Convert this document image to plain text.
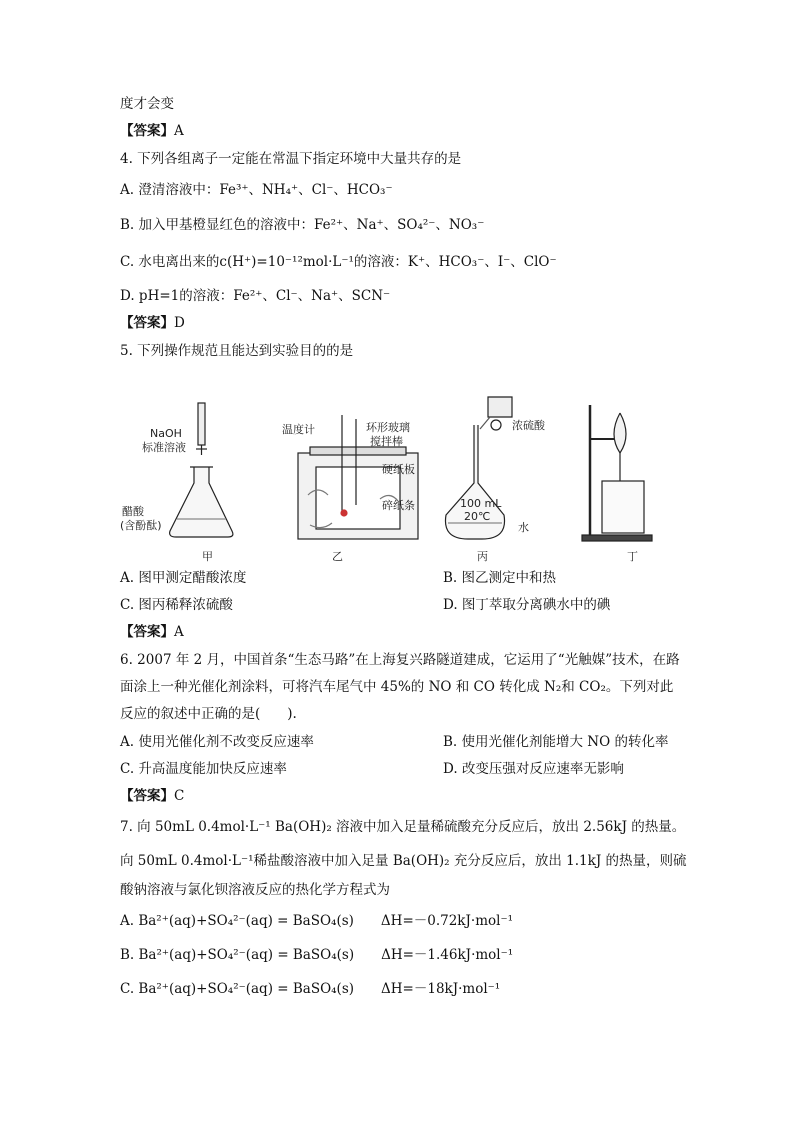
度才会变
【答案】A
4. 下列各组离子一定能在常温下指定环境中大量共存的是
A. 澄清溶液中：Fe³⁺、NH₄⁺、Cl⁻、HCO₃⁻
B. 加入甲基橙显红色的溶液中：Fe²⁺、Na⁺、SO₄²⁻、NO₃⁻
C. 水电离出来的c(H⁺)=10⁻¹²mol·L⁻¹的溶液：K⁺、HCO₃⁻、I⁻、ClO⁻
D. pH=1的溶液：Fe²⁺、Cl⁻、Na⁺、SCN⁻
【答案】D
5. 下列操作规范且能达到实验目的的是
NaOH
标准溶液
醋酸
(含酚酞)
温度计	环形玻璃
搅拌棒
硬纸板
碎纸条
浓硫酸
100 mL
20℃
水
甲	乙	丙	丁
A. 图甲测定醋酸浓度	B. 图乙测定中和热
C. 图丙稀释浓硫酸	D. 图丁萃取分离碘水中的碘
【答案】A
6. 2007 年 2 月，中国首条“生态马路”在上海复兴路隧道建成，它运用了“光触媒”技术，在路
面涂上一种光催化剂涂料，可将汽车尾气中 45%的 NO 和 CO 转化成 N₂和 CO₂。下列对此
反应的叙述中正确的是(　　).
A. 使用光催化剂不改变反应速率	B. 使用光催化剂能增大 NO 的转化率
C. 升高温度能加快反应速率	D. 改变压强对反应速率无影响
【答案】C
7. 向 50mL 0.4mol·L⁻¹ Ba(OH)₂ 溶液中加入足量稀硫酸充分反应后，放出 2.56kJ 的热量。
向 50mL 0.4mol·L⁻¹稀盐酸溶液中加入足量 Ba(OH)₂ 充分反应后，放出 1.1kJ 的热量，则硫
酸钠溶液与氯化钡溶液反应的热化学方程式为
A. Ba²⁺(aq)+SO₄²⁻(aq) = BaSO₄(s)　　ΔH=－0.72kJ·mol⁻¹
B. Ba²⁺(aq)+SO₄²⁻(aq) = BaSO₄(s)　　ΔH=－1.46kJ·mol⁻¹
C. Ba²⁺(aq)+SO₄²⁻(aq) = BaSO₄(s)　　ΔH=－18kJ·mol⁻¹
